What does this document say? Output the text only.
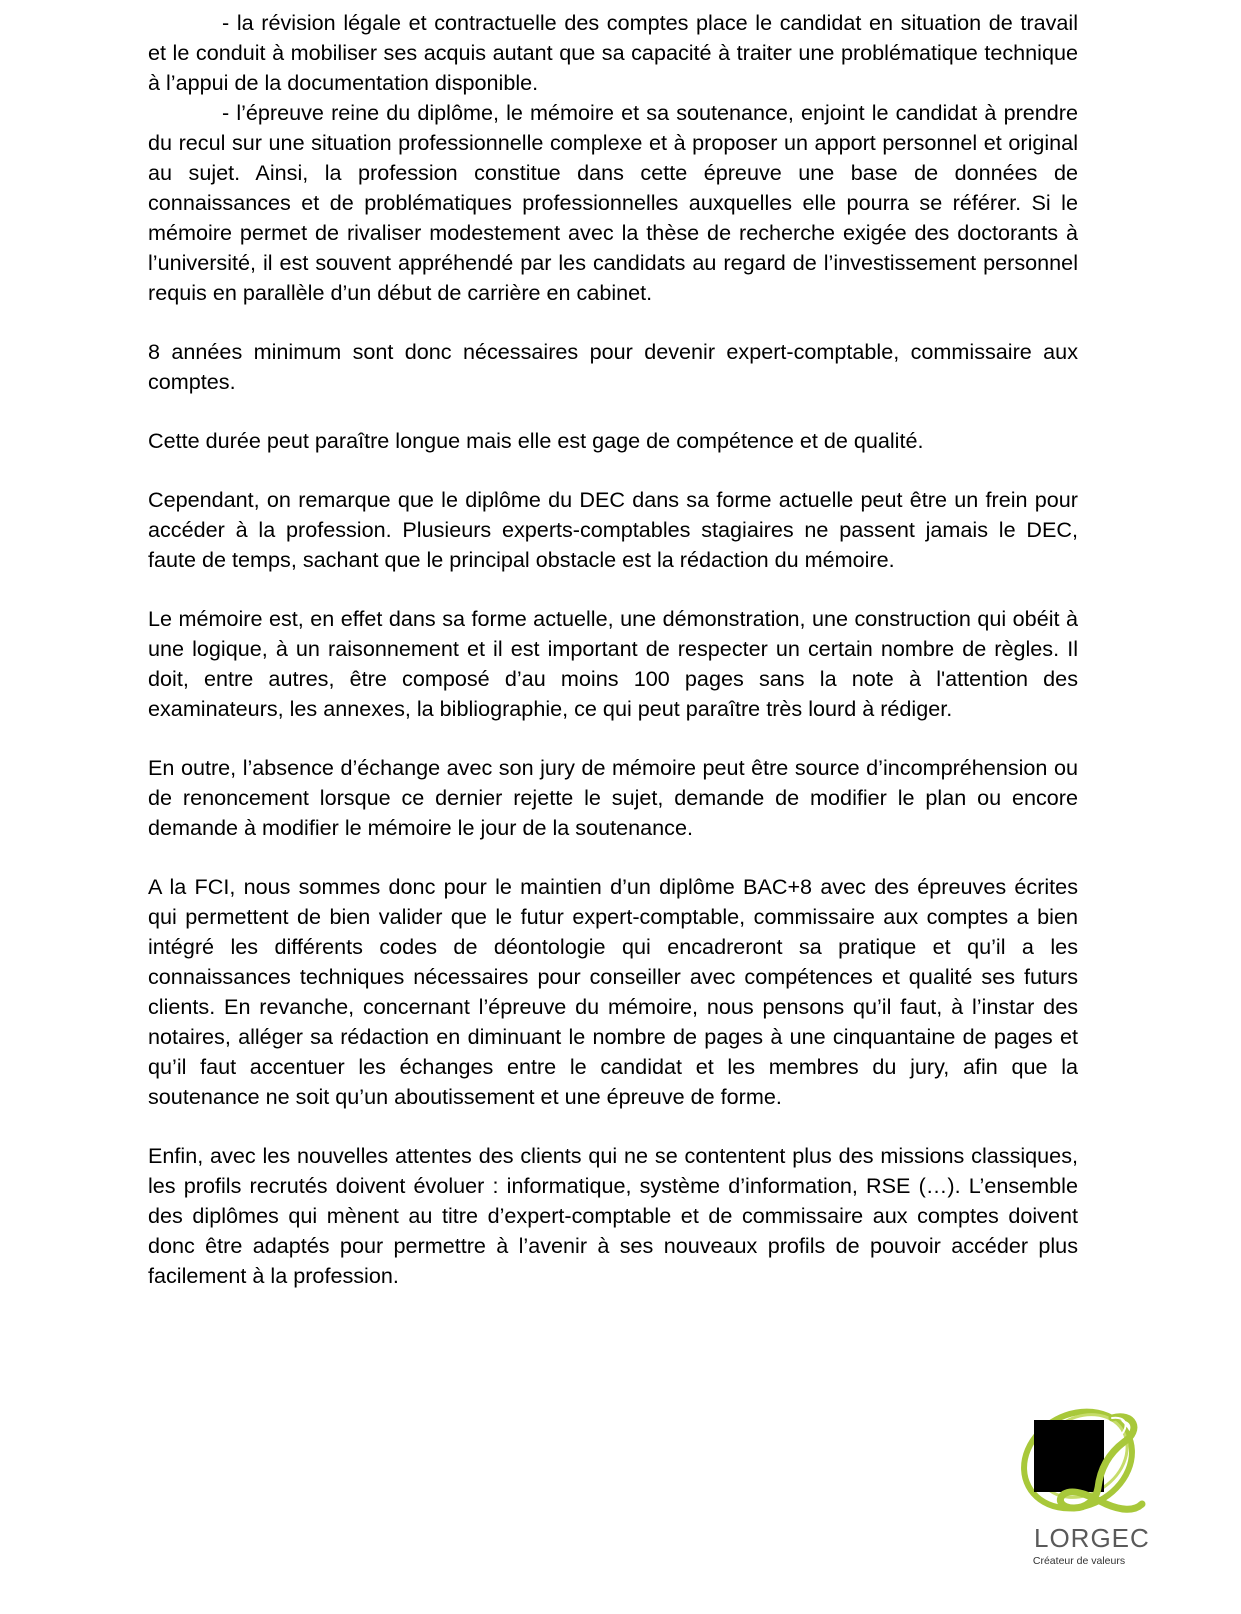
- la révision légale et contractuelle des comptes place le candidat en situation de travail et le conduit à mobiliser ses acquis autant que sa capacité à traiter une problématique technique à l’appui de la documentation disponible.

- l’épreuve reine du diplôme, le mémoire et sa soutenance, enjoint le candidat à prendre du recul sur une situation professionnelle complexe et à proposer un apport personnel et original au sujet. Ainsi, la profession constitue dans cette épreuve une base de données de connaissances et de problématiques professionnelles auxquelles elle pourra se référer. Si le mémoire permet de rivaliser modestement avec la thèse de recherche exigée des doctorants à l’université, il est souvent appréhendé par les candidats au regard de l’investissement personnel requis en parallèle d’un début de carrière en cabinet.

8 années minimum sont donc nécessaires pour devenir expert-comptable, commissaire aux comptes.

Cette durée peut paraître longue mais elle est gage de compétence et de qualité.

Cependant, on remarque que le diplôme du DEC dans sa forme actuelle peut être un frein pour accéder à la profession. Plusieurs experts-comptables stagiaires ne passent jamais le DEC, faute de temps, sachant que le principal obstacle est la rédaction du mémoire.

Le mémoire est, en effet dans sa forme actuelle, une démonstration, une construction qui obéit à une logique, à un raisonnement et il est important de respecter un certain nombre de règles. Il doit, entre autres, être composé d’au moins 100 pages sans la note à l'attention des examinateurs, les annexes, la bibliographie, ce qui peut paraître très lourd à rédiger.

En outre, l’absence d’échange avec son jury de mémoire peut être source d’incompréhension ou de renoncement lorsque ce dernier rejette le sujet, demande de modifier le plan ou encore demande à modifier le mémoire le jour de la soutenance.

A la FCI, nous sommes donc pour le maintien d’un diplôme BAC+8 avec des épreuves écrites qui permettent de bien valider que le futur expert-comptable, commissaire aux comptes a bien intégré les différents codes de déontologie qui encadreront sa pratique et qu’il a les connaissances techniques nécessaires pour conseiller avec compétences et qualité ses futurs clients. En revanche, concernant l’épreuve du mémoire, nous pensons qu’il faut, à l’instar des notaires, alléger sa rédaction en diminuant le nombre de pages à une cinquantaine de pages et qu’il faut accentuer les échanges entre le candidat et les membres du jury, afin que la soutenance ne soit qu’un aboutissement et une épreuve de forme.

Enfin, avec les nouvelles attentes des clients qui ne se contentent plus des missions classiques, les profils recrutés doivent évoluer : informatique, système d’information, RSE (…). L’ensemble des diplômes qui mènent au titre d’expert-comptable et de commissaire aux comptes doivent donc être adaptés pour permettre à l’avenir à ses nouveaux profils de pouvoir accéder plus facilement à la profession.

LORGEC
Créateur de valeurs
